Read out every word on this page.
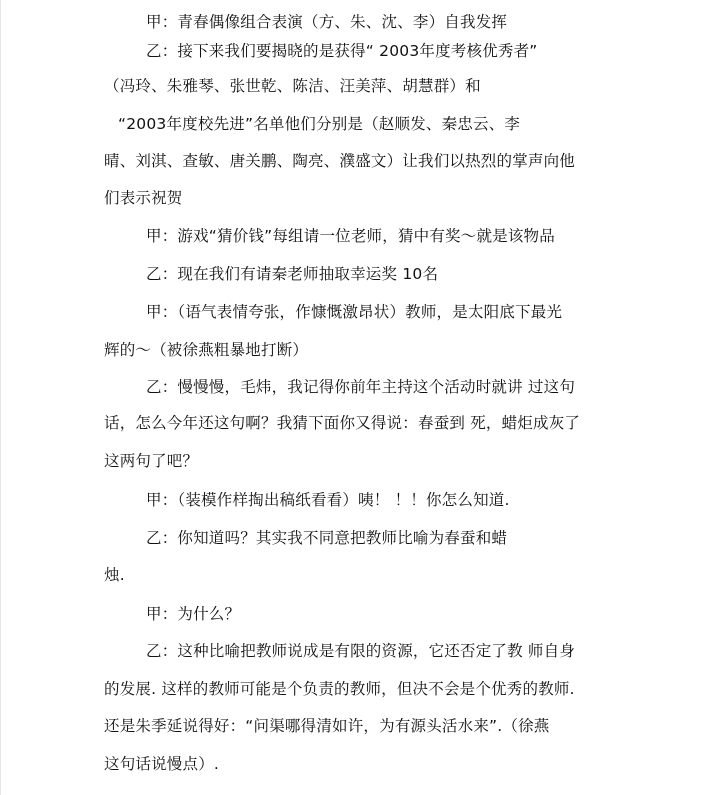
甲：青春偶像组合表演（方、朱、沈、李）自我发挥
乙：接下来我们要揭晓的是获得“ 2003年度考核优秀者”
（冯玲、朱雅琴、张世乾、陈洁、汪美萍、胡慧群）和
“2003年度校先进”名单他们分别是（赵顺发、秦忠云、李
晴、刘淇、查敏、唐关鹏、陶亮、濮盛文）让我们以热烈的掌声向他
们表示祝贺
甲：游戏“猜价钱”每组请一位老师，猜中有奖～就是该物品
乙：现在我们有请秦老师抽取幸运奖 10名
甲：（语气表情夸张，作慷慨激昂状）教师，是太阳底下最光
辉的～（被徐燕粗暴地打断）
乙：慢慢慢，毛炜，我记得你前年主持这个活动时就讲 过这句
话，怎么今年还这句啊？我猜下面你又得说：春蚕到 死，蜡炬成灰了
这两句了吧？
甲：（装模作样掏出稿纸看看）咦！ ！！你怎么知道.
乙：你知道吗？其实我不同意把教师比喻为春蚕和蜡
烛.
甲：为什么？
乙：这种比喻把教师说成是有限的资源，它还否定了教 师自身
的发展. 这样的教师可能是个负责的教师，但决不会是个优秀的教师.
还是朱季延说得好：“问渠哪得清如许，为有源头活水来”.（徐燕
这句话说慢点）.
